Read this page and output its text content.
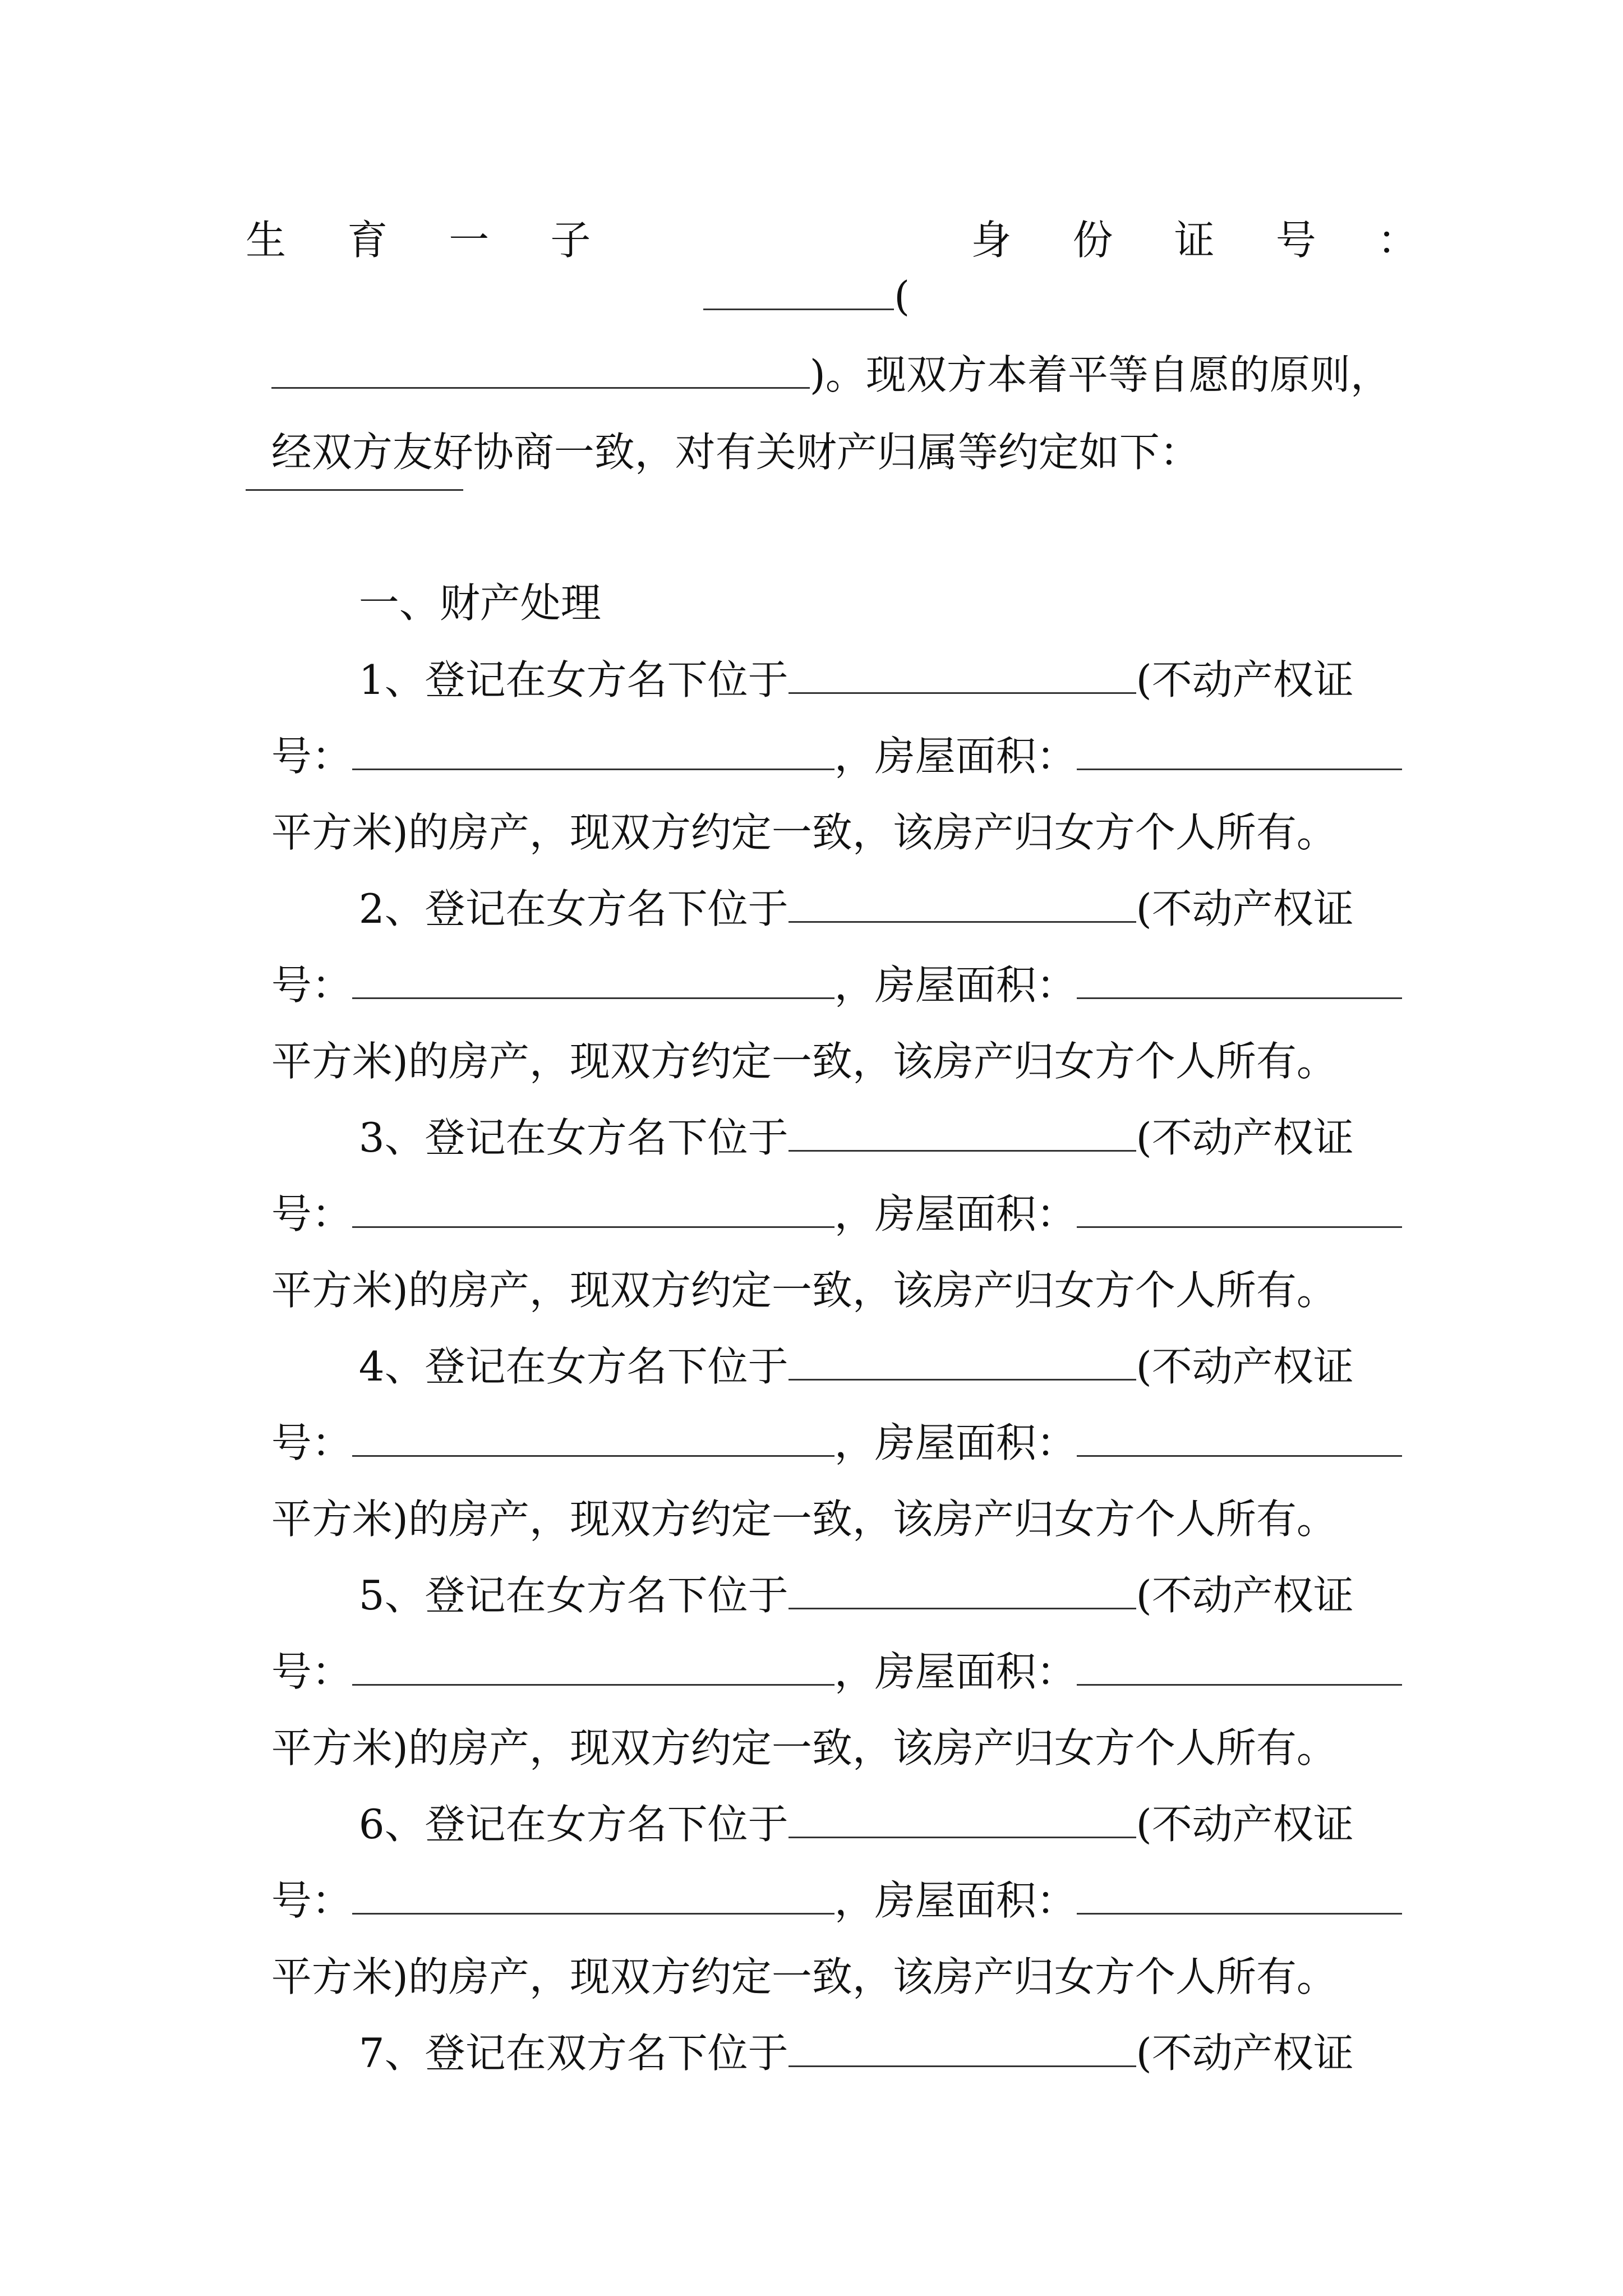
生 育 一 子

(

身 份 证 号 ：

)。现双方本着平等自愿的原则，

经双方友好协商一致，对有关财产归属等约定如下：

一、财产处理

1、登记在女方名下位于	(不动产权证

号：	，房屋面积：

平方米)的房产，现双方约定一致，该房产归女方个人所有。

2、登记在女方名下位于	(不动产权证

号：	，房屋面积：

平方米)的房产，现双方约定一致，该房产归女方个人所有。

3、登记在女方名下位于	(不动产权证

号：	，房屋面积：

平方米)的房产，现双方约定一致，该房产归女方个人所有。

4、登记在女方名下位于	(不动产权证

号：	，房屋面积：

平方米)的房产，现双方约定一致，该房产归女方个人所有。

5、登记在女方名下位于	(不动产权证

号：	，房屋面积：

平方米)的房产，现双方约定一致，该房产归女方个人所有。

6、登记在女方名下位于	(不动产权证

号：	，房屋面积：

平方米)的房产，现双方约定一致，该房产归女方个人所有。

7、登记在双方名下位于	(不动产权证
